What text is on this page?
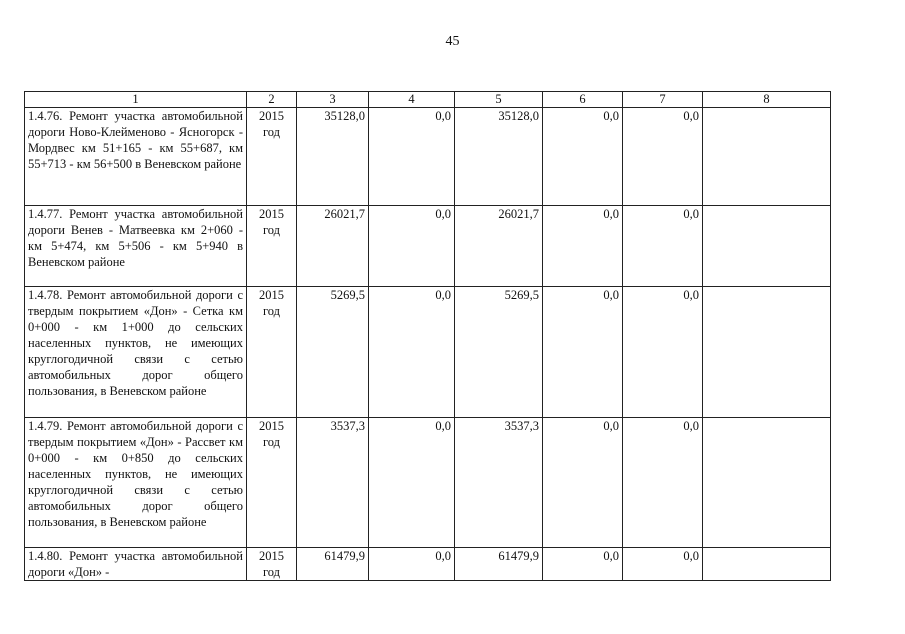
45
1	2	3	4	5	6	7	8
1.4.76. Ремонт участка автомобильной дороги Ново-Клейменово - Ясногорск - Мордвес км 51+165 - км 55+687, км 55+713 - км 56+500 в Веневском районе	2015 год	35128,0	0,0	35128,0	0,0	0,0	
1.4.77. Ремонт участка автомобильной дороги Венев - Матвеевка км 2+060 - км 5+474, км 5+506 - км 5+940 в Веневском районе	2015 год	26021,7	0,0	26021,7	0,0	0,0	
1.4.78. Ремонт автомобильной дороги с твердым покрытием «Дон» - Сетка км 0+000 - км 1+000 до сельских населенных пунктов, не имеющих круглогодичной связи с сетью автомобильных дорог общего пользования, в Веневском районе	2015 год	5269,5	0,0	5269,5	0,0	0,0	
1.4.79. Ремонт автомобильной дороги с твердым покрытием «Дон» - Рассвет км 0+000 - км 0+850 до сельских населенных пунктов, не имеющих круглогодичной связи с сетью автомобильных дорог общего пользования, в Веневском районе	2015 год	3537,3	0,0	3537,3	0,0	0,0	
1.4.80. Ремонт участка автомобильной дороги «Дон» -	2015 год	61479,9	0,0	61479,9	0,0	0,0	
